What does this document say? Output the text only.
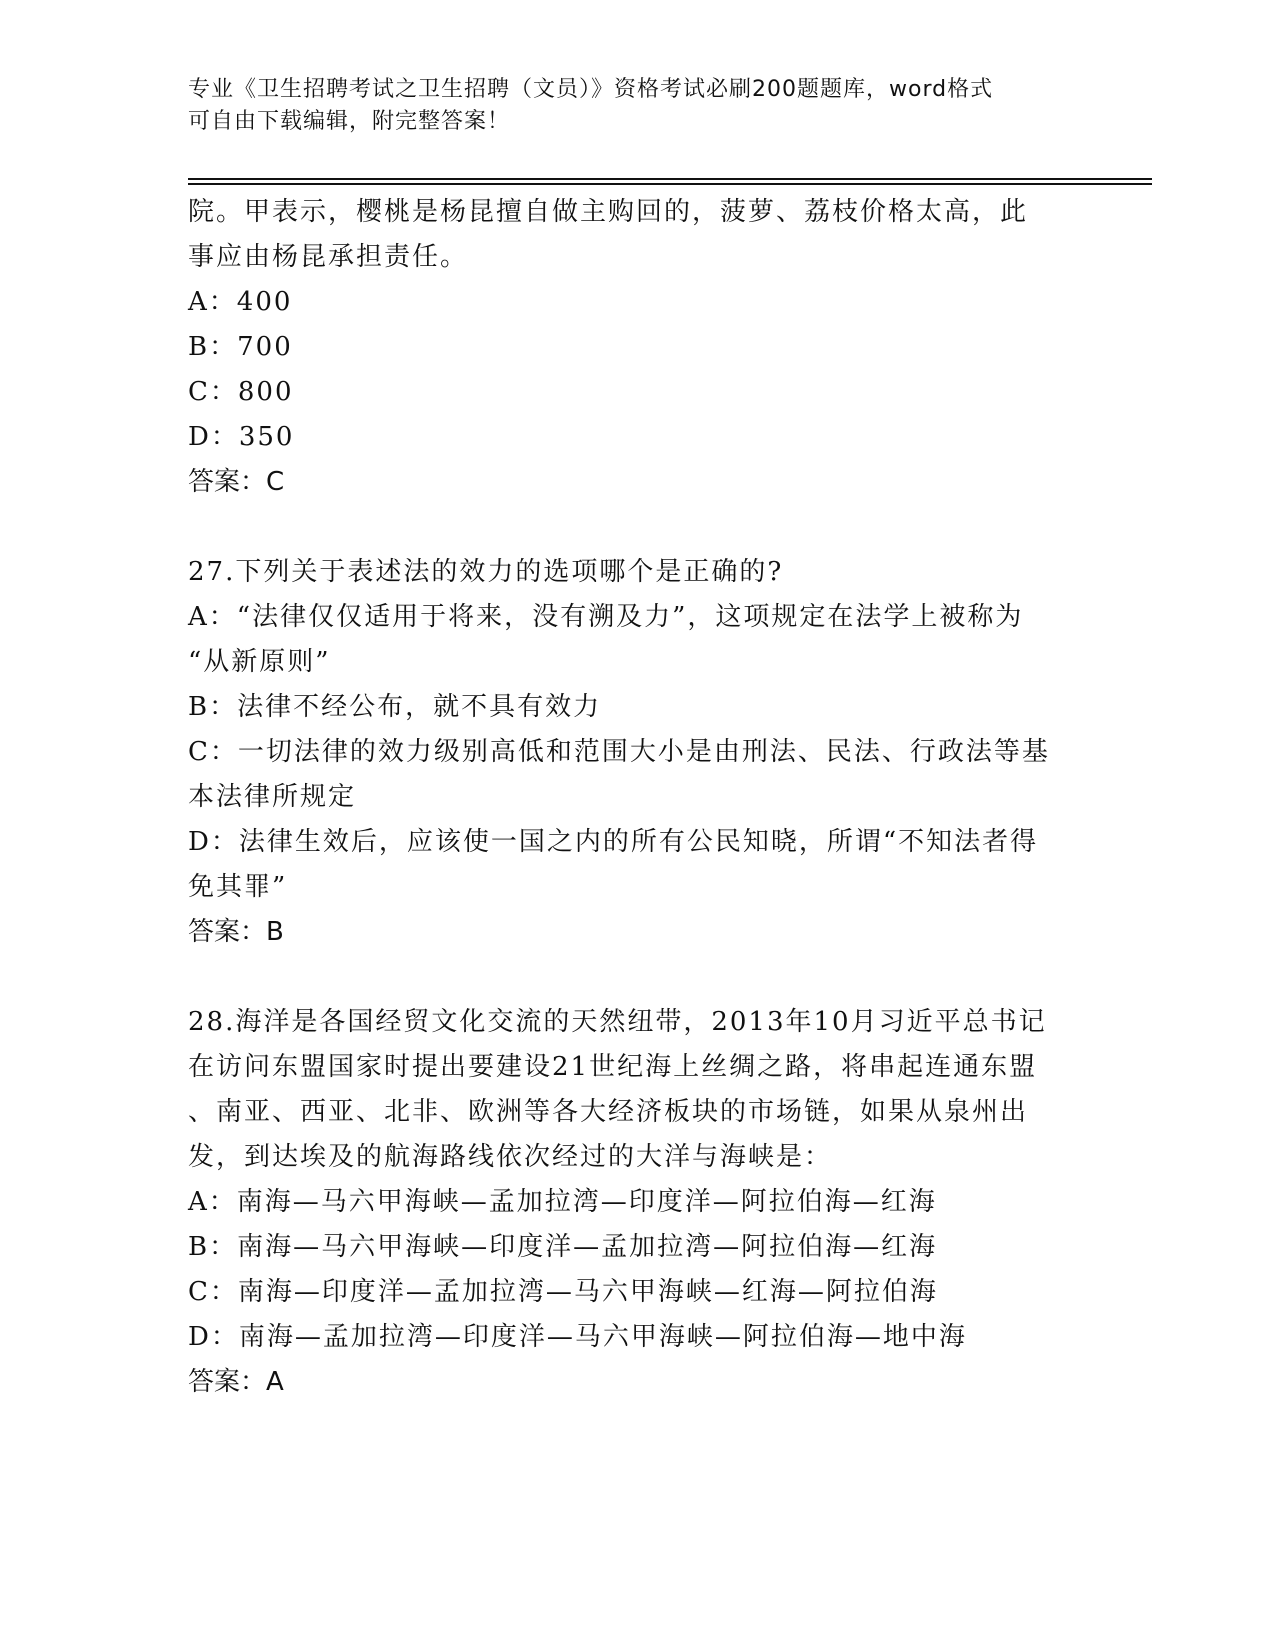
专业《卫生招聘考试之卫生招聘（文员）》资格考试必刷200题题库，word格式
可自由下载编辑，附完整答案！
院。甲表示，樱桃是杨昆擅自做主购回的，菠萝、荔枝价格太高，此
事应由杨昆承担责任。
A：400
B：700
C：800
D：350
答案：C
27.下列关于表述法的效力的选项哪个是正确的?
A：“法律仅仅适用于将来，没有溯及力”，这项规定在法学上被称为
“从新原则”
B：法律不经公布，就不具有效力
C：一切法律的效力级别高低和范围大小是由刑法、民法、行政法等基
本法律所规定
D：法律生效后，应该使一国之内的所有公民知晓，所谓“不知法者得
免其罪”
答案：B
28.海洋是各国经贸文化交流的天然纽带，2013年10月习近平总书记
在访问东盟国家时提出要建设21世纪海上丝绸之路，将串起连通东盟
、南亚、西亚、北非、欧洲等各大经济板块的市场链，如果从泉州出
发，到达埃及的航海路线依次经过的大洋与海峡是：
A：南海—马六甲海峡—孟加拉湾—印度洋—阿拉伯海—红海
B：南海—马六甲海峡—印度洋—孟加拉湾—阿拉伯海—红海
C：南海—印度洋—孟加拉湾—马六甲海峡—红海—阿拉伯海
D：南海—孟加拉湾—印度洋—马六甲海峡—阿拉伯海—地中海
答案：A
